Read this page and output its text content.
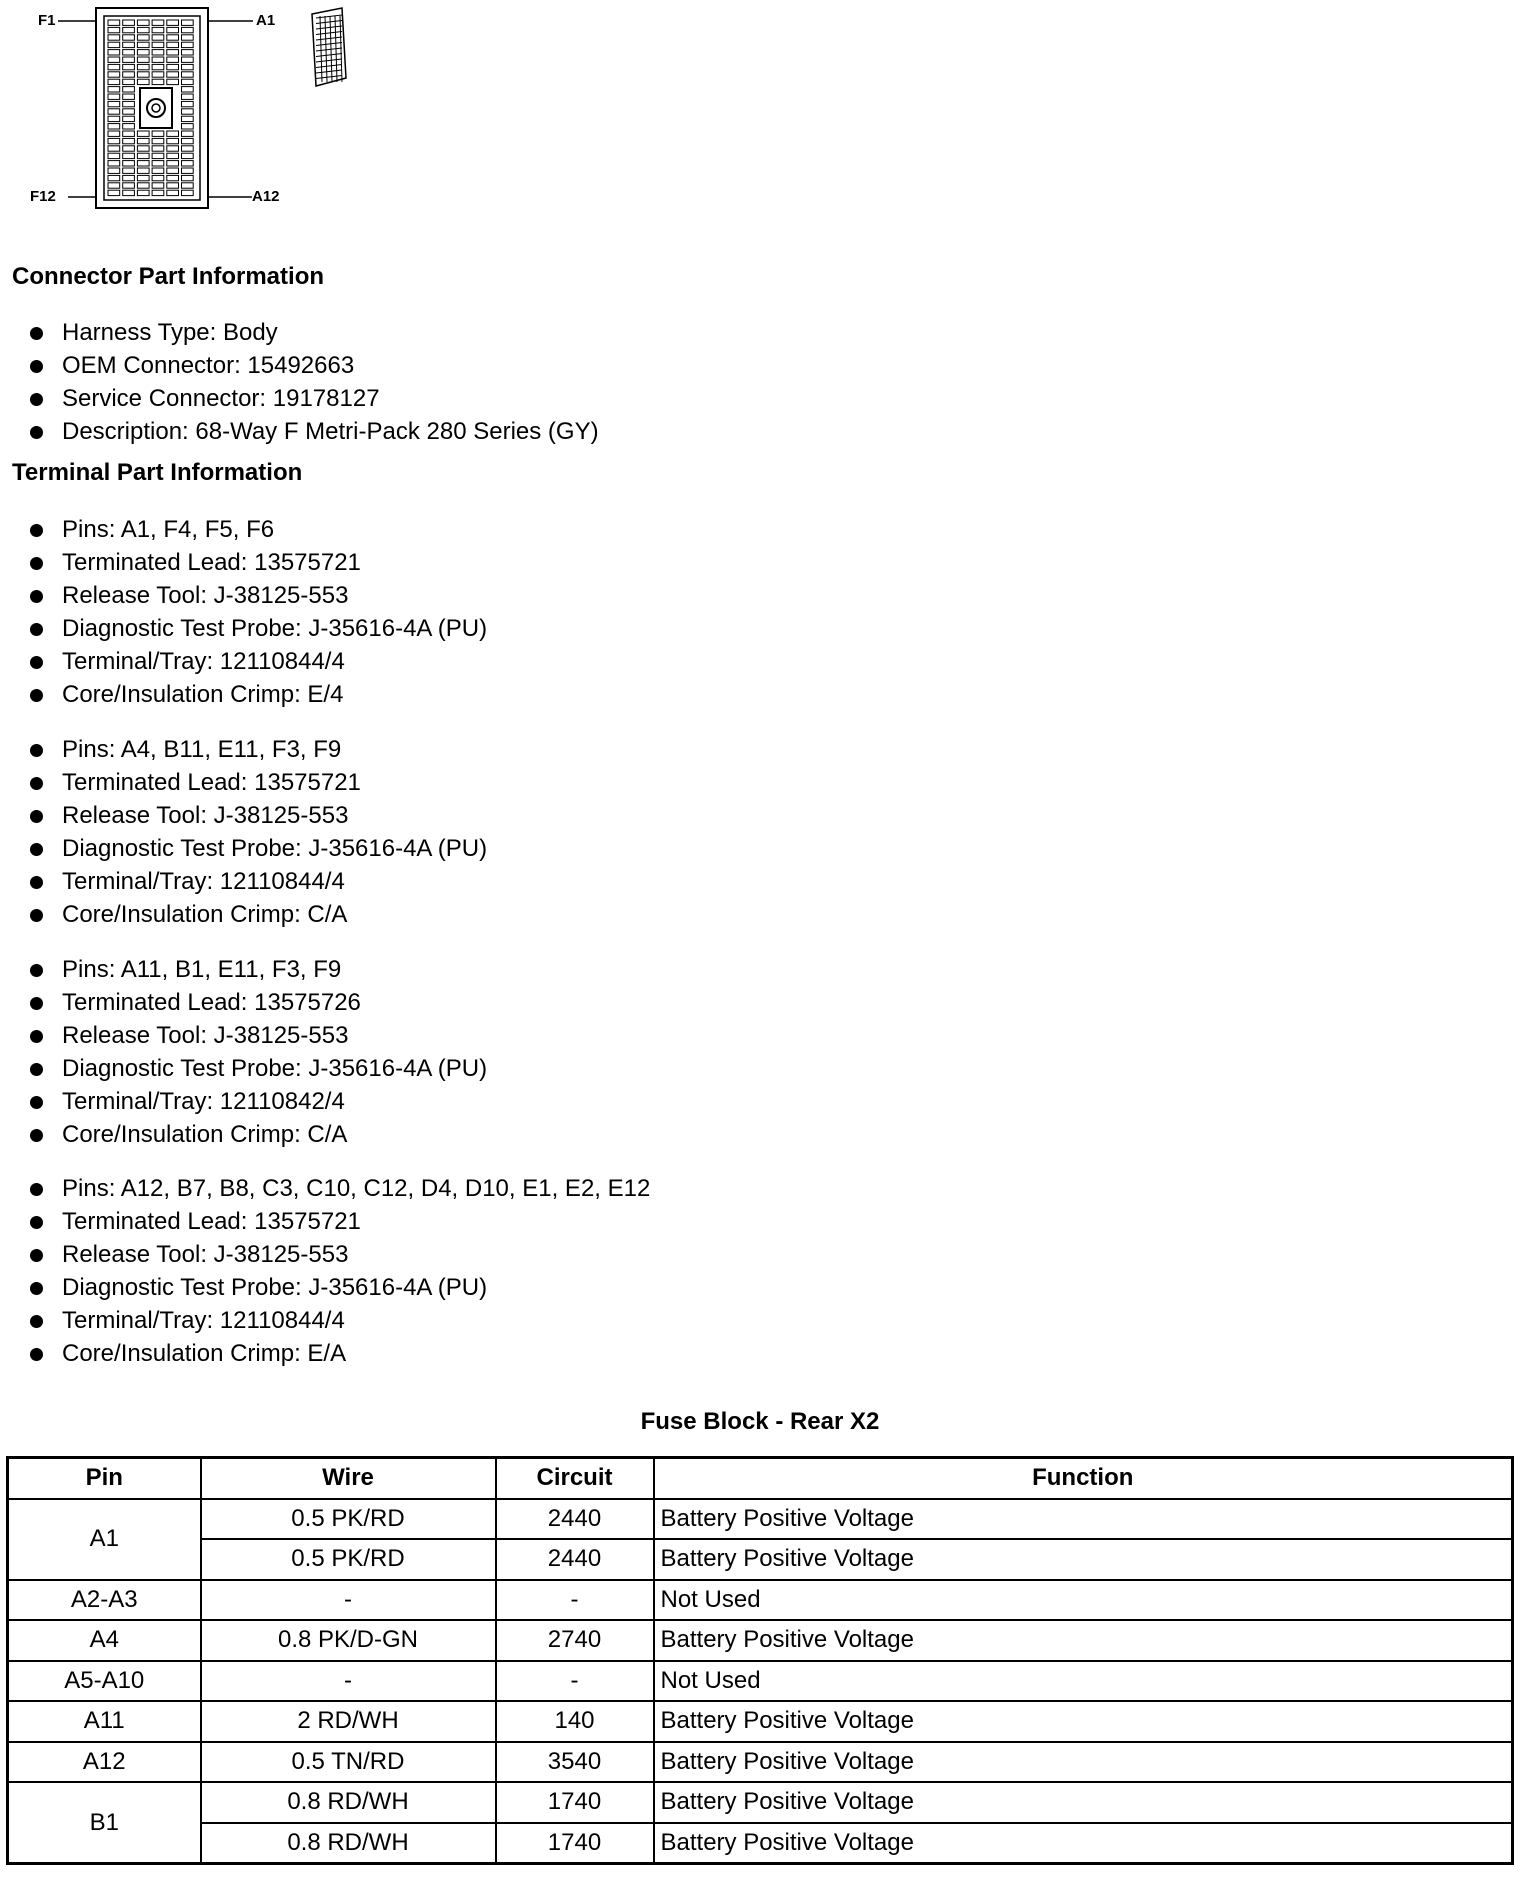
F1	A1
F12	A12
Connector Part Information
Harness Type: Body
OEM Connector: 15492663
Service Connector: 19178127
Description: 68-Way F Metri-Pack 280 Series (GY)
Terminal Part Information
Pins: A1, F4, F5, F6
Terminated Lead: 13575721
Release Tool: J-38125-553
Diagnostic Test Probe: J-35616-4A (PU)
Terminal/Tray: 12110844/4
Core/Insulation Crimp: E/4
Pins: A4, B11, E11, F3, F9
Terminated Lead: 13575721
Release Tool: J-38125-553
Diagnostic Test Probe: J-35616-4A (PU)
Terminal/Tray: 12110844/4
Core/Insulation Crimp: C/A
Pins: A11, B1, E11, F3, F9
Terminated Lead: 13575726
Release Tool: J-38125-553
Diagnostic Test Probe: J-35616-4A (PU)
Terminal/Tray: 12110842/4
Core/Insulation Crimp: C/A
Pins: A12, B7, B8, C3, C10, C12, D4, D10, E1, E2, E12
Terminated Lead: 13575721
Release Tool: J-38125-553
Diagnostic Test Probe: J-35616-4A (PU)
Terminal/Tray: 12110844/4
Core/Insulation Crimp: E/A
Fuse Block - Rear X2
Pin	Wire	Circuit	Function
A1	0.5 PK/RD	2440	Battery Positive Voltage
	0.5 PK/RD	2440	Battery Positive Voltage
A2-A3	-	-	Not Used
A4	0.8 PK/D-GN	2740	Battery Positive Voltage
A5-A10	-	-	Not Used
A11	2 RD/WH	140	Battery Positive Voltage
A12	0.5 TN/RD	3540	Battery Positive Voltage
B1	0.8 RD/WH	1740	Battery Positive Voltage
	0.8 RD/WH	1740	Battery Positive Voltage
